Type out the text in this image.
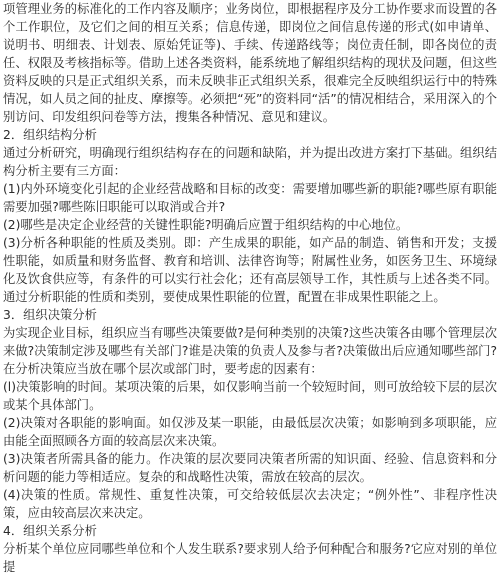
项管理业务的标准化的工作内容及顺序；业务岗位，即根据程序及分工协作要求而设置的各个工作职位，及它们之间的相互关系；信息传递，即岗位之间信息传递的形式(如申请单、说明书、明细表、计划表、原始凭证等)、手续、传递路线等；岗位责任制，即各岗位的责任、权限及考核指标等。借助上述各类资料，能系统地了解组织结构的现状及问题，但这些资料反映的只是正式组织关系，而未反映非正式组织关系，很难完全反映组织运行中的特殊情况，如人员之间的扯皮、摩擦等。必须把“死”的资料同“活”的情况相结合，采用深入的个别访问、印发组织问卷等方法，搜集各种情况、意见和建议。

2．组织结构分析

通过分析研究，明确现行组织结构存在的问题和缺陷，并为提出改进方案打下基础。组织结构分析主要有三方面：

(1)内外环境变化引起的企业经营战略和目标的改变：需要增加哪些新的职能?哪些原有职能需要加强?哪些陈旧职能可以取消或合并?

(2)哪些是决定企业经营的关键性职能?明确后应置于组织结构的中心地位。

(3)分析各种职能的性质及类别。即：产生成果的职能，如产品的制造、销售和开发；支援性职能，如质量和财务监督、教育和培训、法律咨询等；附属性业务，如医务卫生、环境绿化及饮食供应等，有条件的可以实行社会化；还有高层领导工作，其性质与上述各类不同。通过分析职能的性质和类别，要使成果性职能的位置，配置在非成果性职能之上。

3．组织决策分析

为实现企业目标，组织应当有哪些决策要做?是何种类别的决策?这些决策各由哪个管理层次来做?决策制定涉及哪些有关部门?谁是决策的负责人及参与者?决策做出后应通知哪些部门?在分析决策应当放在哪个层次或部门时，要考虑的因素有：

(l)决策影响的时间。某项决策的后果，如仅影响当前一个较短时间，则可放给较下层的层次或某个具体部门。

(2)决策对各职能的影响面。如仅涉及某一职能，由最低层次决策；如影响到多项职能，应由能全面照顾各方面的较高层次来决策。

(3)决策者所需具备的能力。作决策的层次要同决策者所需的知识面、经验、信息资料和分析问题的能力等相适应。复杂的和战略性决策，需放在较高的层次。

(4)决策的性质。常规性、重复性决策，可交给较低层次去决定；“例外性”、非程序性决策，应由较高层次来决定。

4．组织关系分析

分析某个单位应同哪些单位和个人发生联系?要求别人给予何种配合和服务?它应对别的单位提
